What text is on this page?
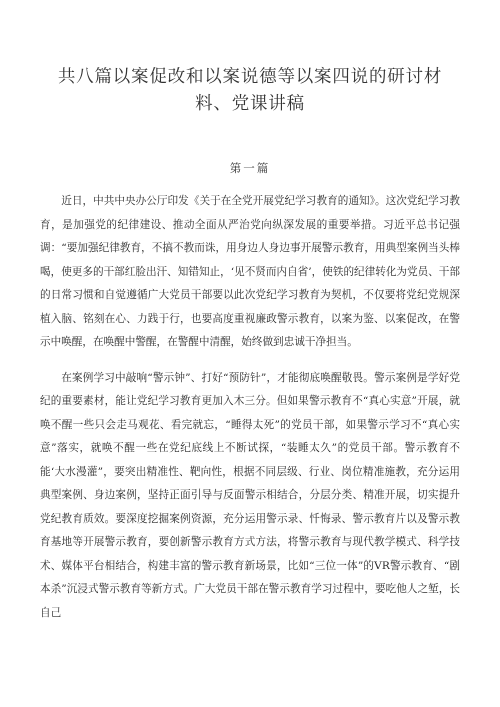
共八篇以案促改和以案说德等以案四说的研讨材料、党课讲稿
第一篇

近日，中共中央办公厅印发《关于在全党开展党纪学习教育的通知》。这次党纪学习教育，是加强党的纪律建设、推动全面从严治党向纵深发展的重要举措。习近平总书记强调：“要加强纪律教育，不搞不教而诛，用身边人身边事开展警示教育，用典型案例当头棒喝，使更多的干部红脸出汗、知错知止，‘见不贤而内自省’，使铁的纪律转化为党员、干部的日常习惯和自觉遵循广大党员干部要以此次党纪学习教育为契机，不仅要将党纪党规深植入脑、铭刻在心、力践于行，也要高度重视廉政警示教育，以案为鉴、以案促改，在警示中唤醒，在唤醒中警醒，在警醒中清醒，始终做到忠诚干净担当。

在案例学习中敲响“警示钟”、打好“预防针”，才能彻底唤醒敬畏。警示案例是学好党纪的重要素材，能让党纪学习教育更加入木三分。但如果警示教育不“真心实意”开展，就唤不醒一些只会走马观花、看完就忘，“睡得太死”的党员干部，如果警示学习不“真心实意”落实，就唤不醒一些在党纪底线上不断试探，“装睡太久”的党员干部。警示教育不能‘大水漫灌”，要突出精准性、靶向性，根据不同层级、行业、岗位精准施教，充分运用典型案例、身边案例，坚持正面引导与反面警示相结合，分层分类、精准开展，切实提升党纪教育质效。要深度挖掘案例资源，充分运用警示录、忏悔录、警示教育片以及警示教育基地等开展警示教育，要创新警示教育方式方法，将警示教育与现代教学模式、科学技术、媒体平台相结合，构建丰富的警示教育新场景，比如“三位一体”的VR警示教育、“剧本杀”沉浸式警示教育等新方式。广大党员干部在警示教育学习过程中，要吃他人之堑，长自己
